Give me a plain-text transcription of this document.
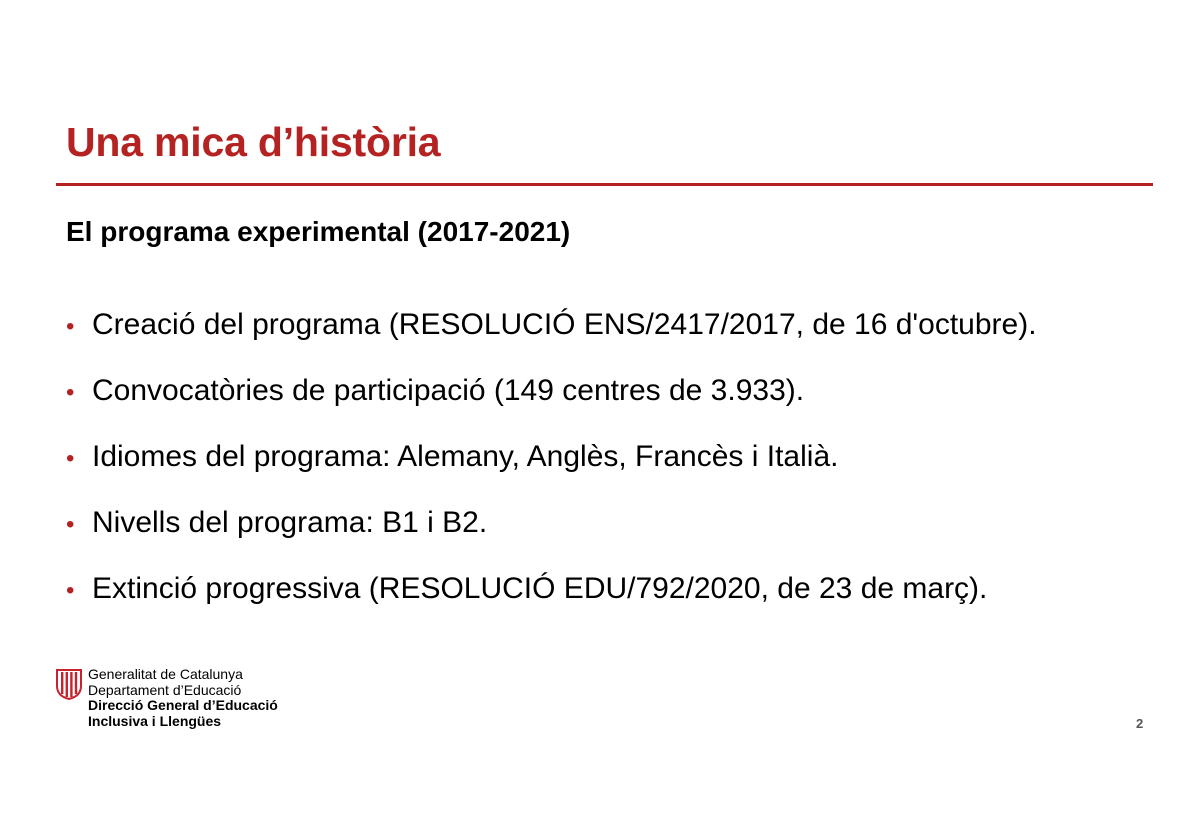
Una mica d’història
El programa experimental (2017-2021)
• Creació del programa (RESOLUCIÓ ENS/2417/2017, de 16 d'octubre).
• Convocatòries de participació (149 centres de 3.933).
• Idiomes del programa: Alemany, Anglès, Francès i Italià.
• Nivells del programa: B1 i B2.
• Extinció progressiva (RESOLUCIÓ EDU/792/2020, de 23 de març).
Generalitat de Catalunya
Departament d’Educació
Direcció General d’Educació
Inclusiva i Llengües	2
